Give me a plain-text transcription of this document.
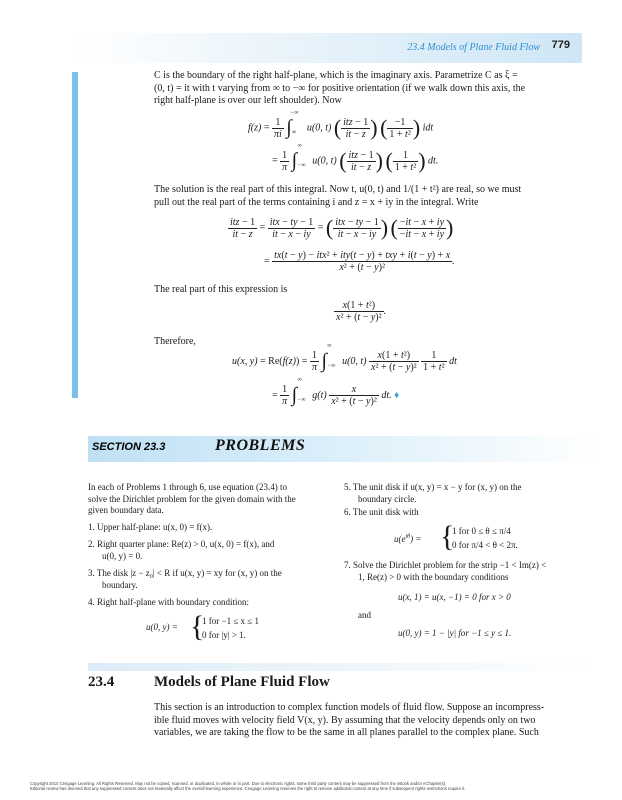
23.4 Models of Plane Fluid Flow 779
C is the boundary of the right half-plane, which is the imaginary axis. Parametrize C as ξ =
(0, t) = it with t varying from ∞ to −∞ for positive orientation (if we walk down this axis, the
right half-plane is over our left shoulder). Now
$f(z) = \frac{1}{\pi i} \int_\infty^{-\infty}$ u(0, t) ( $\frac{\text{itz − 1}}{it - z}$ ) ( $\frac{-1}{\text{1 + t²}}$ ) idt
= $\frac{1}{\pi} \int_{-\infty}^\infty$ u(0, t) ( $\frac{\text{itz − 1}}{it - z}$ ) ( $\frac{1}{\text{1 + t²}}$ ) dt.
The solution is the real part of this integral. Now t, u(0, t) and 1/(1 + t²) are real, so we must
pull out the real part of the terms containing i and z = x + iy in the integral. Write
$\frac{\text{itz − 1}}{it - z} = \frac{\text{itx − ty − 1}}{it - x - iy}$ = ( $\frac{\text{itx − ty − 1}}{it - x - iy}$ ) ( $\frac{-it - x + iy}{-it - x + iy}$ )
= $\frac{\text{tx(t − y) − itx² + ity(t − y) + txy + i(t − y) + x}}{\text{x² + (t − y)²}}$ .
The real part of this expression is
$\frac{\text{x(1 + t²)}}{\text{x² + (t − y)²}}$ .
Therefore,
u(x, $y) = Re(f(z)) = \frac{1}{\pi} \int_{-\infty}^\infty$ u(0, $t) \frac{\text{x(1 + t²)}}{\text{x² + (t − y)²}}$
$\frac{1}{\text{1 + t²}}$ dt
= $\frac{1}{\pi} \int_{-\infty}^\infty$ $g(t) \frac{x}{\text{x² + (t − y)²}}$ dt. ♦
SECTION 23.3	PROBLEMS
In each of Problems 1 through 6, use equation (23.4) to
solve the Dirichlet problem for the given domain with the
given boundary data.
1. Upper half-plane: u(x, 0) = f(x).
2. Right quarter plane: Re(z) > 0, u(x, 0) = f(x), and
u(0, y) = 0.
3. The disk |z − z₀| < R if u(x, y) = xy for (x, y) on the
boundary.
4. Right half-plane with boundary condition:
u(0, y) = {
1 for −1 ≤ x ≤ 1
0 for |y| > 1.
5. The unit disk if u(x, y) = x − y for (x, y) on the
boundary circle.
6. The unit disk with
$u(e^{i\theta})$ = {
1 for 0 ≤ θ ≤ π/4
0 for π/4 < θ < 2π.
7. Solve the Dirichlet problem for the strip −1 < Im(z) <
1, Re(z) > 0 with the boundary conditions
u(x, 1) = u(x, −1) = 0 for x > 0
and
u(0, y) = 1 − |y| for −1 ≤ y ≤ 1.
23.4	Models of Plane Fluid Flow
This section is an introduction to complex function models of fluid flow. Suppose an incompress-
ible fluid moves with velocity field V(x, y). By assuming that the velocity depends only on two
variables, we are taking the flow to be the same in all planes parallel to the complex plane. Such
Copyright 2010 Cengage Learning. All Rights Reserved. May not be copied, scanned, or duplicated, in whole or in part. Due to electronic rights, some third party content may be suppressed from the eBook and/or eChapter(s).
Editorial review has deemed that any suppressed content does not materially affect the overall learning experience. Cengage Learning reserves the right to remove additional content at any time if subsequent rights restrictions require it.
